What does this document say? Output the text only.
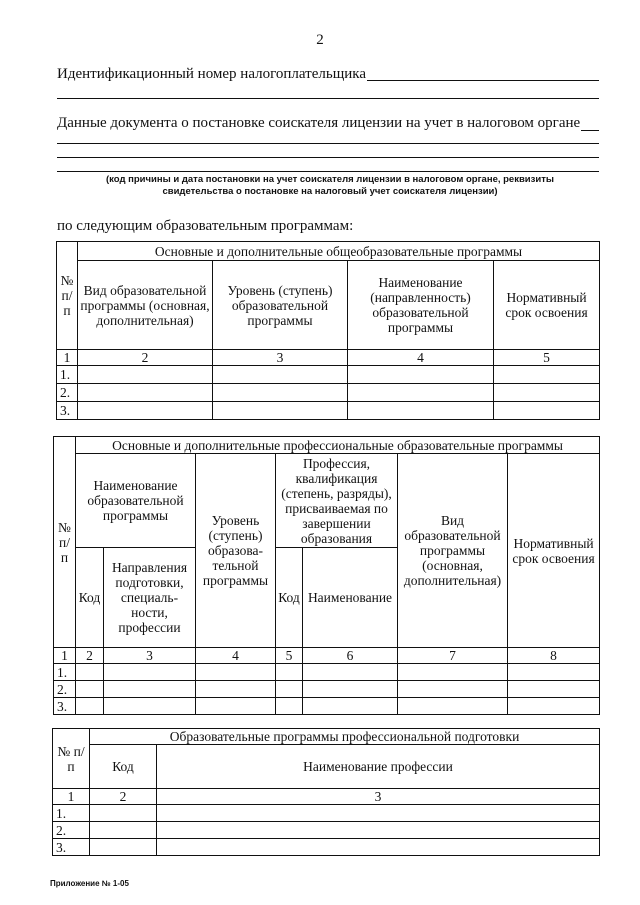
2
Идентификационный номер налогоплательщика
Данные документа о постановке соискателя лицензии на учет в налоговом органе
(код причины и дата постановки на учет соискателя лицензии в налоговом органе, реквизиты свидетельства о постановке на налоговый учет соискателя лицензии)
по следующим образовательным программам:
№ п/п	Основные и дополнительные общеобразовательные программы			
	Вид образовательной программы (основная, дополнительная)	Уровень (ступень) образовательной программы	Наименование (направленность) образовательной программы	Нормативный срок освоения
1	2	3	4	5
1.				
2.				
3.				
№ п/п	Основные и дополнительные профессиональные образовательные программы						
	Наименование образовательной программы		Уровень (ступень) образова-тельной программы	Профессия, квалификация (степень, разряды), присваиваемая по завершении образования		Вид образовательной программы (основная, дополнительная)	Нормативный срок освоения
	Код	Направления подготовки, специаль-ности, профессии		Код	Наименование		

1	2	3	4	5	6	7	8
1.							
2.							
3.							
№ п/п	Образовательные программы профессиональной подготовки	
	Код	Наименование профессии
1	2	3
1.		
2.		
3.		
Приложение № 1-05
